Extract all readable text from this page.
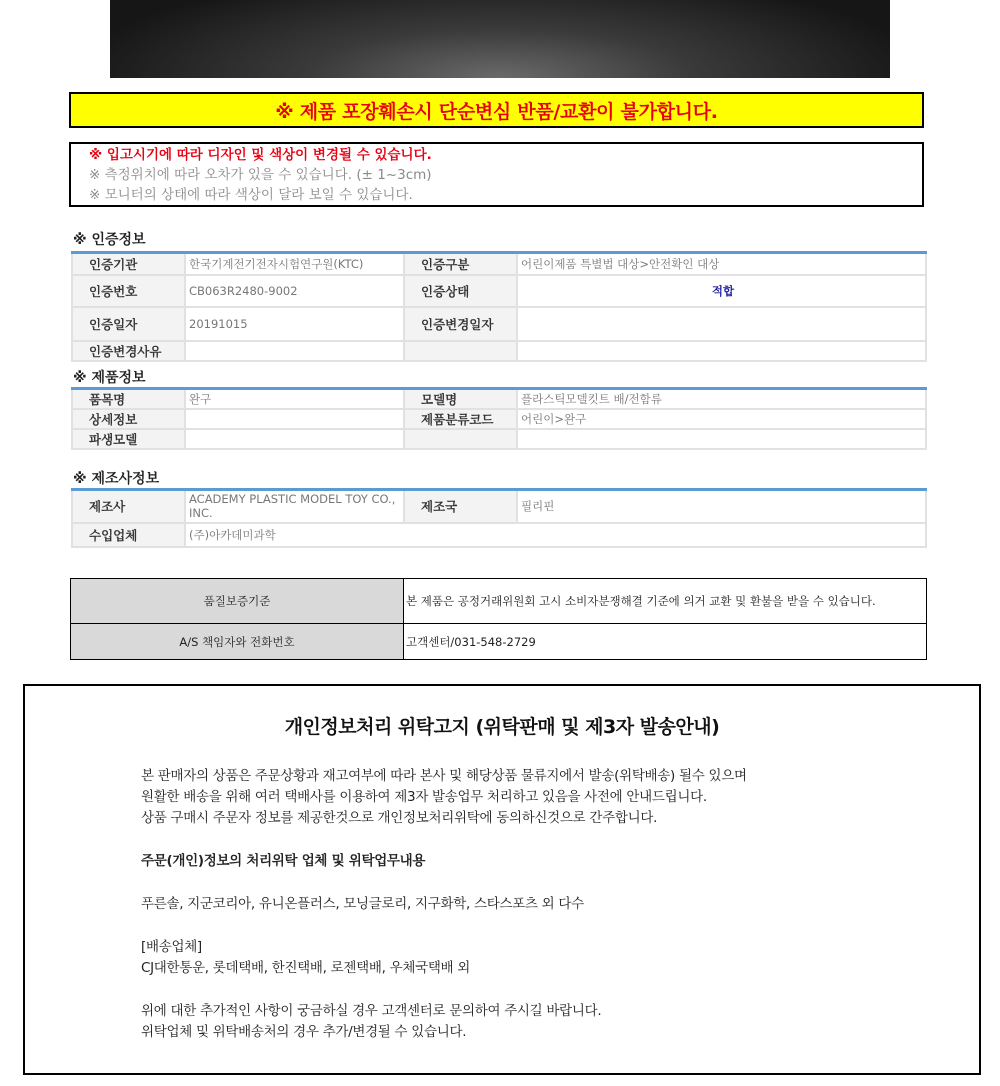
※ 제품 포장훼손시 단순변심 반품/교환이 불가합니다.
※ 입고시기에 따라 디자인 및 색상이 변경될 수 있습니다.
※ 측정위치에 따라 오차가 있을 수 있습니다. (± 1~3cm)
※ 모니터의 상태에 따라 색상이 달라 보일 수 있습니다.
※ 인증정보
인증기관	한국기계전기전자시험연구원(KTC)	인증구분	어린이제품 특별법 대상>안전확인 대상
인증번호	CB063R2480-9002	인증상태	적합
인증일자	20191015	인증변경일자	
인증변경사유			
※ 제품정보
품목명	완구	모델명	플라스틱모델킷트 배/전함류
상세정보		제품분류코드	어린이>완구
파생모델			
※ 제조사정보
제조사	ACADEMY PLASTIC MODEL TOY CO., INC.	제조국	필리핀
수입업체	(주)아카데미과학		
품질보증기준	본 제품은 공정거래위원회 고시 소비자분쟁해결 기준에 의거 교환 및 환불을 받을 수 있습니다.
A/S 책임자와 전화번호	고객센터/031-548-2729
개인정보처리 위탁고지 (위탁판매 및 제3자 발송안내)

본 판매자의 상품은 주문상황과 재고여부에 따라 본사 및 해당상품 물류지에서 발송(위탁배송) 될수 있으며

원활한 배송을 위해 여러 택배사를 이용하여 제3자 발송업무 처리하고 있음을 사전에 안내드립니다.

상품 구매시 주문자 정보를 제공한것으로 개인정보처리위탁에 동의하신것으로 간주합니다.

주문(개인)정보의 처리위탁 업체 및 위탁업무내용

푸른솔, 지군코리아, 유니온플러스, 모닝글로리, 지구화학, 스타스포츠 외 다수

[배송업체]

CJ대한통운, 롯데택배, 한진택배, 로젠택배, 우체국택배 외

위에 대한 추가적인 사항이 궁금하실 경우 고객센터로 문의하여 주시길 바랍니다.

위탁업체 및 위탁배송처의 경우 추가/변경될 수 있습니다.
